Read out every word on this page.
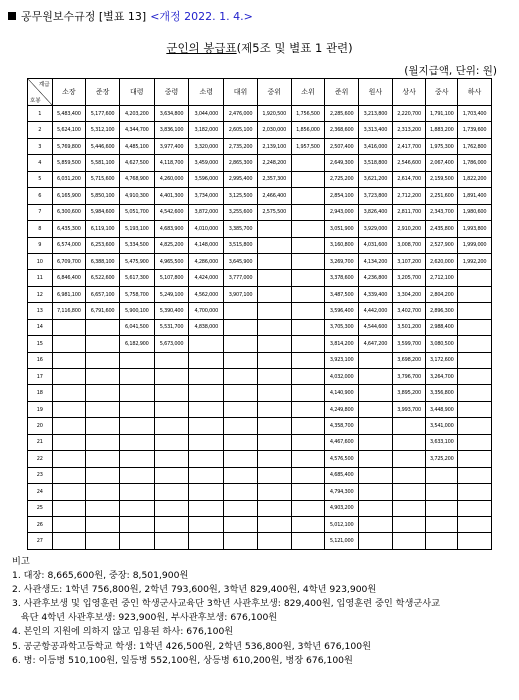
공무원보수규정 [별표 13] <개정 2022. 1. 4.>
군인의 봉급표(제5조 및 별표 1 관련)
(월지급액, 단위: 원)
계급
호봉	소장	준장	대령	중령	소령	대위	중위	소위	준위	원사	상사	중사	하사
1	5,483,400	5,177,600	4,203,200	3,634,800	3,044,000	2,476,000	1,920,500	1,756,500	2,285,600	3,213,800	2,220,700	1,791,100	1,703,400
2	5,624,100	5,312,100	4,344,700	3,836,100	3,182,000	2,605,100	2,030,000	1,856,000	2,368,600	3,313,400	2,313,200	1,883,200	1,739,600
3	5,769,800	5,446,600	4,485,100	3,977,400	3,320,000	2,735,200	2,139,100	1,957,500	2,507,400	3,416,000	2,417,700	1,975,300	1,762,800
4	5,859,500	5,581,100	4,627,500	4,118,700	3,459,000	2,865,300	2,248,200		2,649,300	3,518,800	2,546,600	2,067,400	1,786,000
5	6,031,200	5,715,600	4,768,900	4,260,000	3,596,000	2,995,400	2,357,300		2,725,200	3,621,200	2,614,700	2,159,500	1,822,200
6	6,165,900	5,850,100	4,910,300	4,401,300	3,734,000	3,125,500	2,466,400		2,854,100	3,723,800	2,712,200	2,251,600	1,891,400
7	6,300,600	5,984,600	5,051,700	4,542,600	3,872,000	3,255,600	2,575,500		2,943,000	3,826,400	2,811,700	2,343,700	1,980,600
8	6,435,300	6,119,100	5,193,100	4,683,900	4,010,000	3,385,700			3,051,900	3,929,000	2,910,200	2,435,800	1,993,800
9	6,574,000	6,253,600	5,334,500	4,825,200	4,148,000	3,515,800			3,160,800	4,031,600	3,008,700	2,527,900	1,999,000
10	6,709,700	6,388,100	5,475,900	4,965,500	4,286,000	3,645,900			3,269,700	4,134,200	3,107,200	2,620,000	1,992,200
11	6,846,400	6,522,600	5,617,300	5,107,800	4,424,000	3,777,000			3,378,600	4,236,800	3,205,700	2,712,100	
12	6,981,100	6,657,100	5,758,700	5,249,100	4,562,000	3,907,100			3,487,500	4,339,400	3,304,200	2,804,200	
13	7,116,800	6,791,600	5,900,100	5,390,400	4,700,000				3,596,400	4,442,000	3,402,700	2,896,300	
14			6,041,500	5,531,700	4,838,000				3,705,300	4,544,600	3,501,200	2,988,400	
15			6,182,900	5,673,000					3,814,200	4,647,200	3,599,700	3,080,500	
16									3,923,100		3,698,200	3,172,600	
17									4,032,000		3,796,700	3,264,700	
18									4,140,900		3,895,200	3,356,800	
19									4,249,800		3,993,700	3,448,900	
20									4,358,700			3,541,000	
21									4,467,600			3,633,100	
22									4,576,500			3,725,200	
23									4,685,400				
24									4,794,300				
25									4,903,200				
26									5,012,100				
27									5,121,000				
비고
1. 대장: 8,665,600원, 중장: 8,501,900원
2. 사관생도: 1학년 756,800원, 2학년 793,600원, 3학년 829,400원, 4학년 923,900원
3. 사관후보생 및 입영훈련 중인 학생군사교육단 3학년 사관후보생: 829,400원, 입영훈련 중인 학생군사교
육단 4학년 사관후보생: 923,900원, 부사관후보생: 676,100원
4. 본인의 지원에 의하지 않고 임용된 하사: 676,100원
5. 공군항공과학고등학교 학생: 1학년 426,500원, 2학년 536,800원, 3학년 676,100원
6. 병: 이등병 510,100원, 일등병 552,100원, 상등병 610,200원, 병장 676,100원
